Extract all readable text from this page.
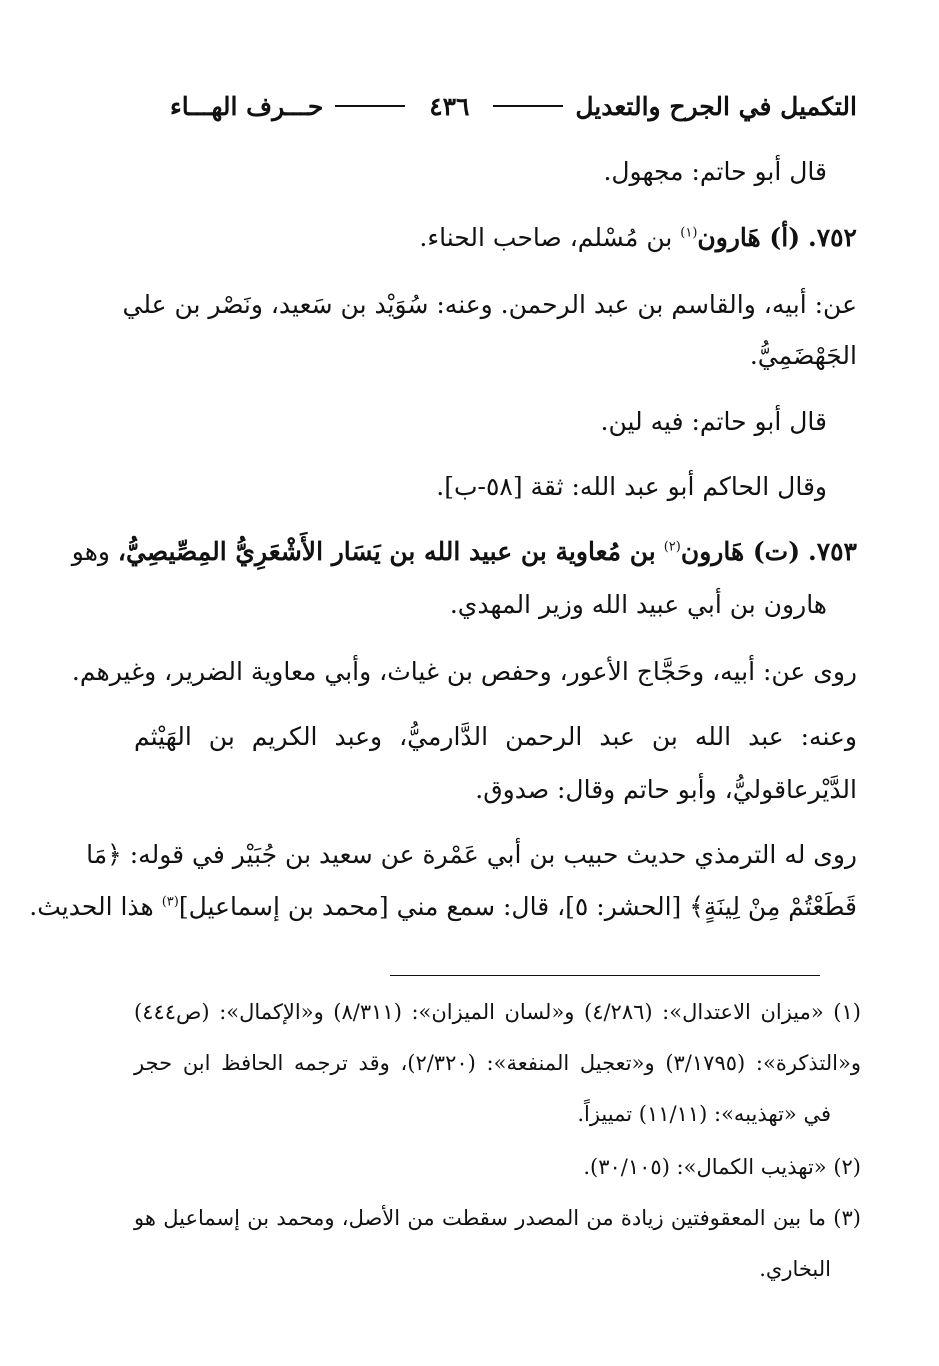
التكميل في الجرح والتعديل
٤٣٦
حـــرف الهـــاء
قال أبو حاتم: مجهول.
٧٥٢. (أ) هَارون$^{(١)}$ بن مُسْلم، صاحب الحناء.
عن: أبيه، والقاسم بن عبد الرحمن. وعنه: سُوَيْد بن سَعيد، ونَصْر بن علي
الجَهْضَمِيُّ.
قال أبو حاتم: فيه لين.
وقال الحاكم أبو عبد الله: ثقة [٥٨-ب].
٧٥٣. (ت) هَارون$^{(٢)}$ بن مُعاوية بن عبيد الله بن يَسَار الأَشْعَرِيُّ المِصِّيصِيُّ، وهو
هارون بن أبي عبيد الله وزير المهدي.
روى عن: أبيه، وحَجَّاج الأعور، وحفص بن غياث، وأبي معاوية الضرير، وغيرهم.
وعنه: عبد الله بن عبد الرحمن الدَّارميُّ، وعبد الكريم بن الهَيْثم
الدَّيْرعاقوليُّ، وأبو حاتم وقال: صدوق.
روى له الترمذي حديث حبيب بن أبي عَمْرة عن سعيد بن جُبَيْر في قوله: ﴿مَا
قَطَعْتُمْ مِنْ لِينَةٍ﴾ [الحشر: ٥]، قال: سمع مني [محمد بن إسماعيل]$^{(٣)}$ هذا الحديث.
(١) «ميزان الاعتدال»: (٤/٢٨٦) و«لسان الميزان»: (٨/٣١١) و«الإكمال»: (ص٤٤٤)
و«التذكرة»: (٣/١٧٩٥) و«تعجيل المنفعة»: (٢/٣٢٠)، وقد ترجمه الحافظ ابن حجر
في «تهذيبه»: (١١/١١) تمييزاً.
(٢) «تهذيب الكمال»: (٣٠/١٠٥).
(٣) ما بين المعقوفتين زيادة من المصدر سقطت من الأصل، ومحمد بن إسماعيل هو
البخاري.
